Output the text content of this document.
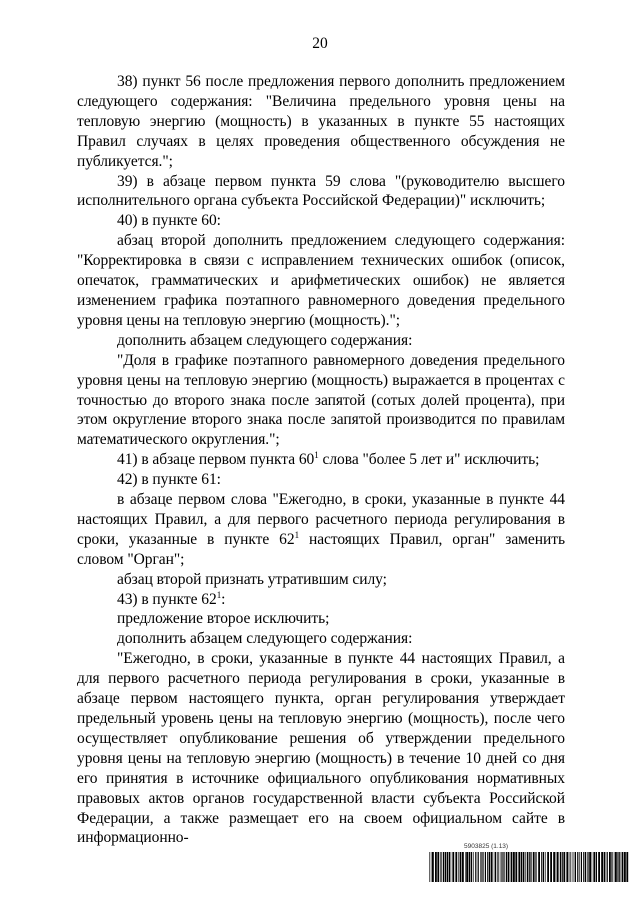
20

38) пункт 56 после предложения первого дополнить предложением следующего содержания: "Величина предельного уровня цены на тепловую энергию (мощность) в указанных в пункте 55 настоящих Правил случаях в целях проведения общественного обсуждения не публикуется.";

39) в абзаце первом пункта 59 слова "(руководителю высшего исполнительного органа субъекта Российской Федерации)" исключить;

40) в пункте 60:

абзац второй дополнить предложением следующего содержания: "Корректировка в связи с исправлением технических ошибок (описок, опечаток, грамматических и арифметических ошибок) не является изменением графика поэтапного равномерного доведения предельного уровня цены на тепловую энергию (мощность).";

дополнить абзацем следующего содержания:

"Доля в графике поэтапного равномерного доведения предельного уровня цены на тепловую энергию (мощность) выражается в процентах с точностью до второго знака после запятой (сотых долей процента), при этом округление второго знака после запятой производится по правилам математического округления.";

41) в абзаце первом пункта $60^1$ слова "более 5 лет и" исключить;

42) в пункте 61:

в абзаце первом слова "Ежегодно, в сроки, указанные в пункте 44 настоящих Правил, а для первого расчетного периода регулирования в сроки, указанные в пункте $62^1$ настоящих Правил, орган" заменить словом "Орган";

абзац второй признать утратившим силу;

43) в пункте $62^1$:

предложение второе исключить;

дополнить абзацем следующего содержания:

"Ежегодно, в сроки, указанные в пункте 44 настоящих Правил, а для первого расчетного периода регулирования в сроки, указанные в абзаце первом настоящего пункта, орган регулирования утверждает предельный уровень цены на тепловую энергию (мощность), после чего осуществляет опубликование решения об утверждении предельного уровня цены на тепловую энергию (мощность) в течение 10 дней со дня его принятия в источнике официального опубликования нормативных правовых актов органов государственной власти субъекта Российской Федерации, а также размещает его на своем официальном сайте в информационно-

5903825 (1.13)
